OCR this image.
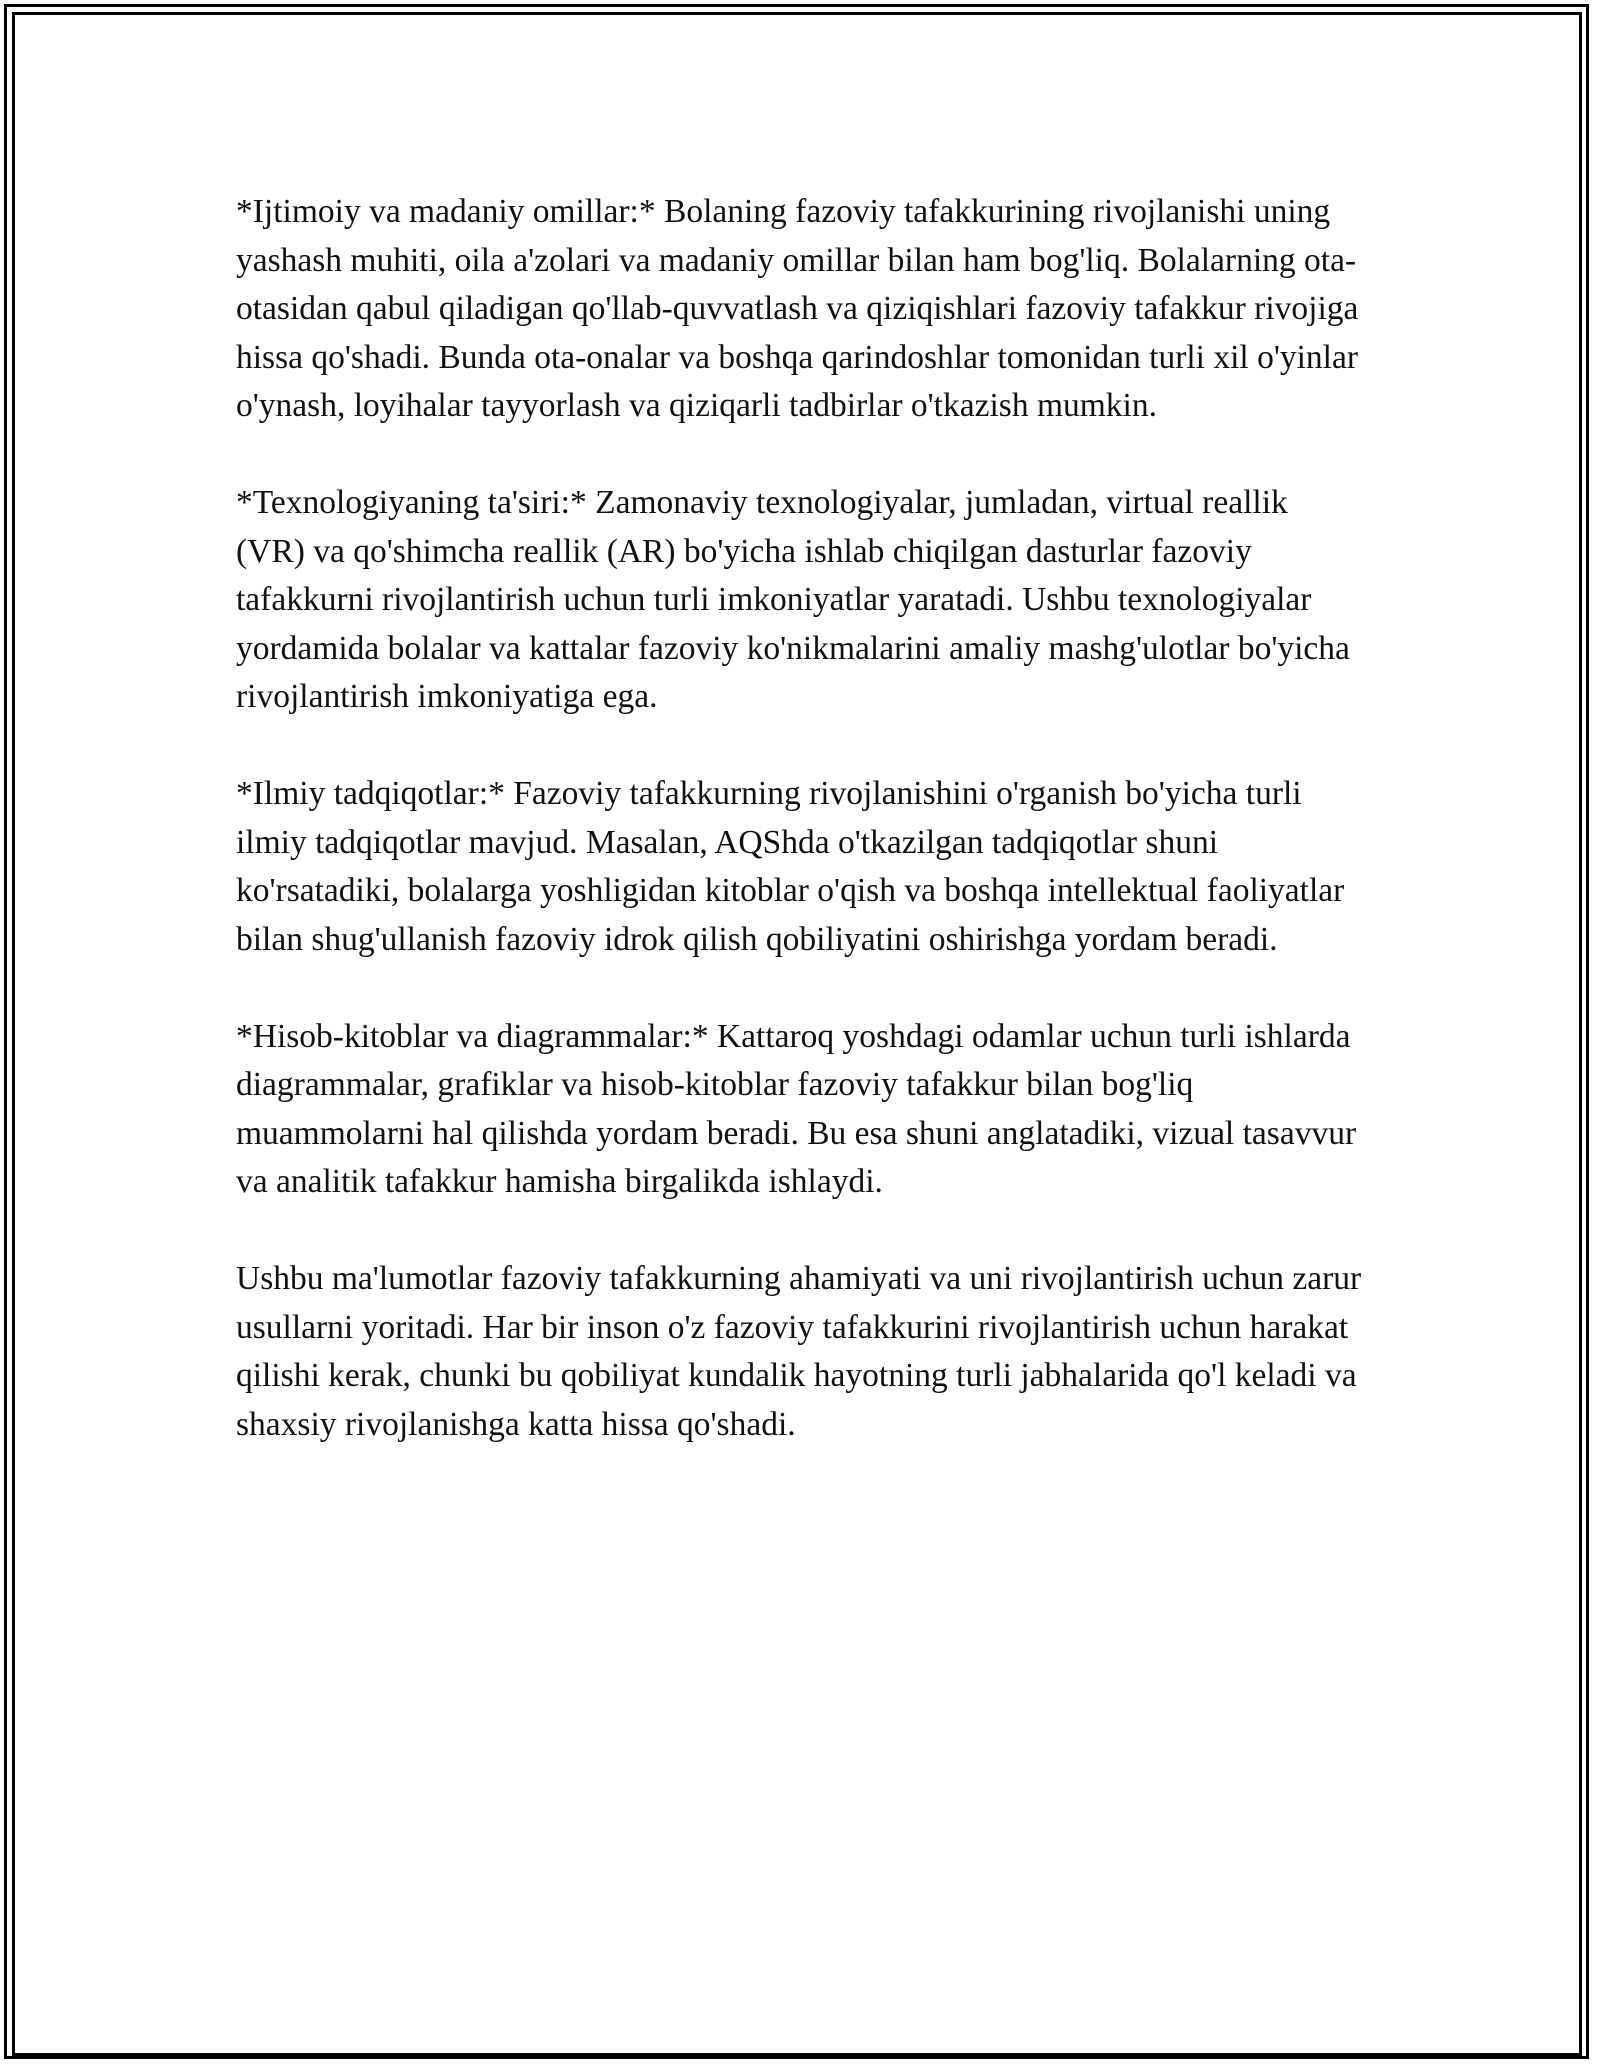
*Ijtimoiy va madaniy omillar:* Bolaning fazoviy tafakkurining rivojlanishi uning yashash muhiti, oila a'zolari va madaniy omillar bilan ham bog'liq. Bolalarning ota-otasidan qabul qiladigan qo'llab-quvvatlash va qiziqishlari fazoviy tafakkur rivojiga hissa qo'shadi. Bunda ota-onalar va boshqa qarindoshlar tomonidan turli xil o'yinlar o'ynash, loyihalar tayyorlash va qiziqarli tadbirlar o'tkazish mumkin.

*Texnologiyaning ta'siri:* Zamonaviy texnologiyalar, jumladan, virtual reallik (VR) va qo'shimcha reallik (AR) bo'yicha ishlab chiqilgan dasturlar fazoviy tafakkurni rivojlantirish uchun turli imkoniyatlar yaratadi. Ushbu texnologiyalar yordamida bolalar va kattalar fazoviy ko'nikmalarini amaliy mashg'ulotlar bo'yicha rivojlantirish imkoniyatiga ega.

*Ilmiy tadqiqotlar:* Fazoviy tafakkurning rivojlanishini o'rganish bo'yicha turli ilmiy tadqiqotlar mavjud. Masalan, AQShda o'tkazilgan tadqiqotlar shuni ko'rsatadiki, bolalarga yoshligidan kitoblar o'qish va boshqa intellektual faoliyatlar bilan shug'ullanish fazoviy idrok qilish qobiliyatini oshirishga yordam beradi.

*Hisob-kitoblar va diagrammalar:* Kattaroq yoshdagi odamlar uchun turli ishlarda diagrammalar, grafiklar va hisob-kitoblar fazoviy tafakkur bilan bog'liq muammolarni hal qilishda yordam beradi. Bu esa shuni anglatadiki, vizual tasavvur va analitik tafakkur hamisha birgalikda ishlaydi.

Ushbu ma'lumotlar fazoviy tafakkurning ahamiyati va uni rivojlantirish uchun zarur usullarni yoritadi. Har bir inson o'z fazoviy tafakkurini rivojlantirish uchun harakat qilishi kerak, chunki bu qobiliyat kundalik hayotning turli jabhalarida qo'l keladi va shaxsiy rivojlanishga katta hissa qo'shadi.
